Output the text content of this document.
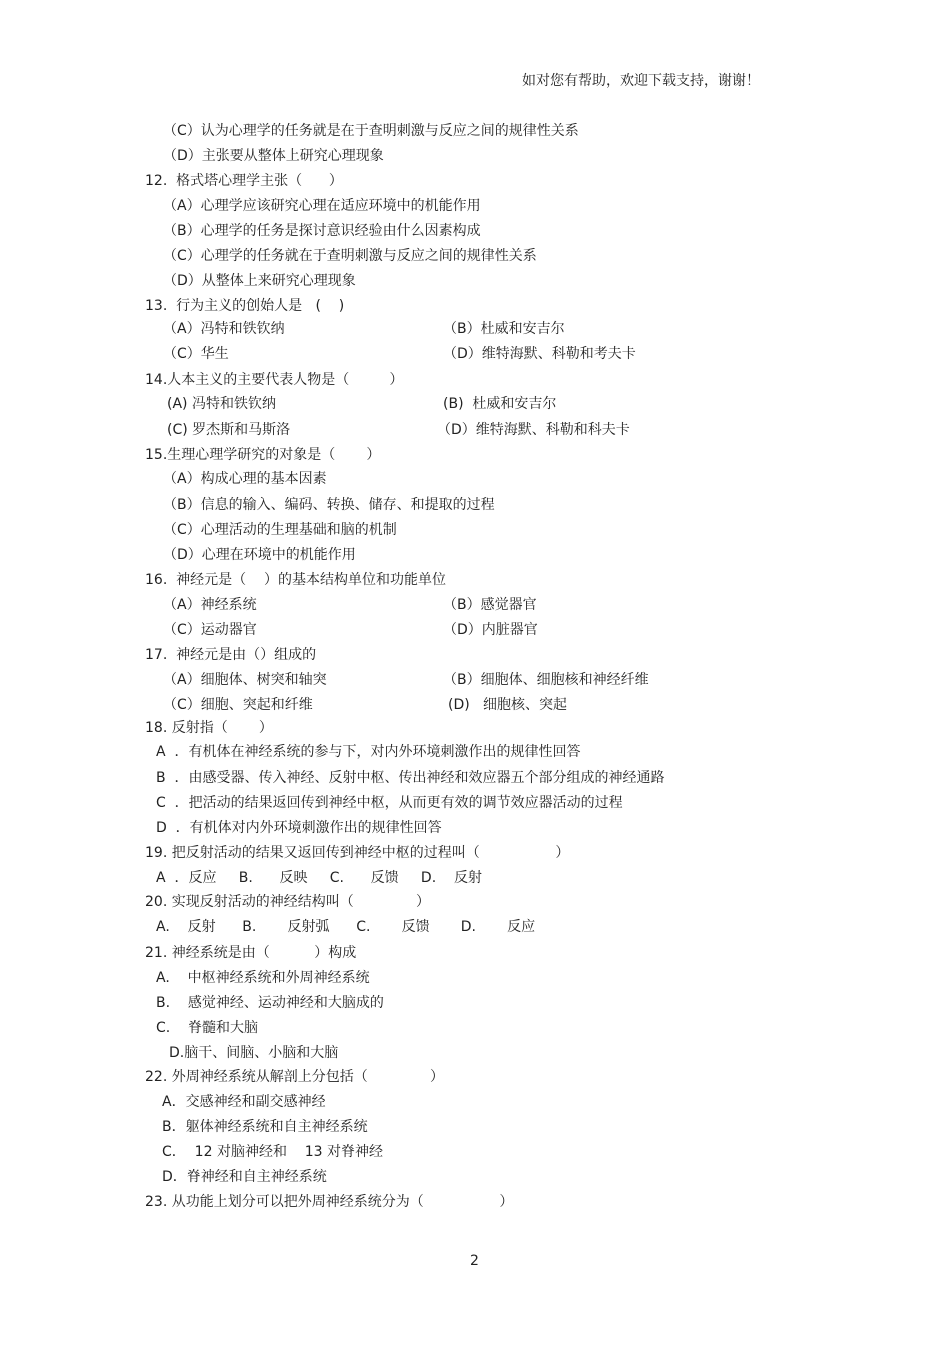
如对您有帮助，欢迎下载支持，谢谢！
（C）认为心理学的任务就是在于查明刺激与反应之间的规律性关系
（D）主张要从整体上研究心理现象
12.  格式塔心理学主张（      ）
（A）心理学应该研究心理在适应环境中的机能作用
（B）心理学的任务是探讨意识经验由什么因素构成
（C）心理学的任务就在于查明刺激与反应之间的规律性关系
（D）从整体上来研究心理现象
13.  行为主义的创始人是   (    )
（A）冯特和铁钦纳	（B）杜威和安吉尔
（C）华生	（D）维特海默、科勒和考夫卡
14.人本主义的主要代表人物是（         ）
(A) 冯特和铁钦纳	(B)  杜威和安吉尔
(C) 罗杰斯和马斯洛	（D）维特海默、科勒和科夫卡
15.生理心理学研究的对象是（       ）
（A）构成心理的基本因素
（B）信息的输入、编码、转换、储存、和提取的过程
（C）心理活动的生理基础和脑的机制
（D）心理在环境中的机能作用
16.  神经元是（    ）的基本结构单位和功能单位
（A）神经系统	（B）感觉器官
（C）运动器官	（D）内脏器官
17.  神经元是由（）组成的
（A）细胞体、树突和轴突	（B）细胞体、细胞核和神经纤维
（C）细胞、突起和纤维	(D)   细胞核、突起
18. 反射指（       ）
A  ．有机体在神经系统的参与下，对内外环境刺激作出的规律性回答
B  ．由感受器、传入神经、反射中枢、传出神经和效应器五个部分组成的神经通路
C  ．把活动的结果返回传到神经中枢，从而更有效的调节效应器活动的过程
D  ．有机体对内外环境刺激作出的规律性回答
19. 把反射活动的结果又返回传到神经中枢的过程叫（                 ）
A  ．反应     B.      反映     C.      反馈     D.    反射
20. 实现反射活动的神经结构叫（              ）
A.    反射      B.       反射弧      C.       反馈       D.       反应
21. 神经系统是由（          ）构成
A.    中枢神经系统和外周神经系统
B.    感觉神经、运动神经和大脑成的
C.    脊髓和大脑
D.脑干、间脑、小脑和大脑
22. 外周神经系统从解剖上分包括（              ）
A．交感神经和副交感神经
B．躯体神经系统和自主神经系统
C．  12 对脑神经和    13 对脊神经
D．脊神经和自主神经系统
23. 从功能上划分可以把外周神经系统分为（                 ）
2
